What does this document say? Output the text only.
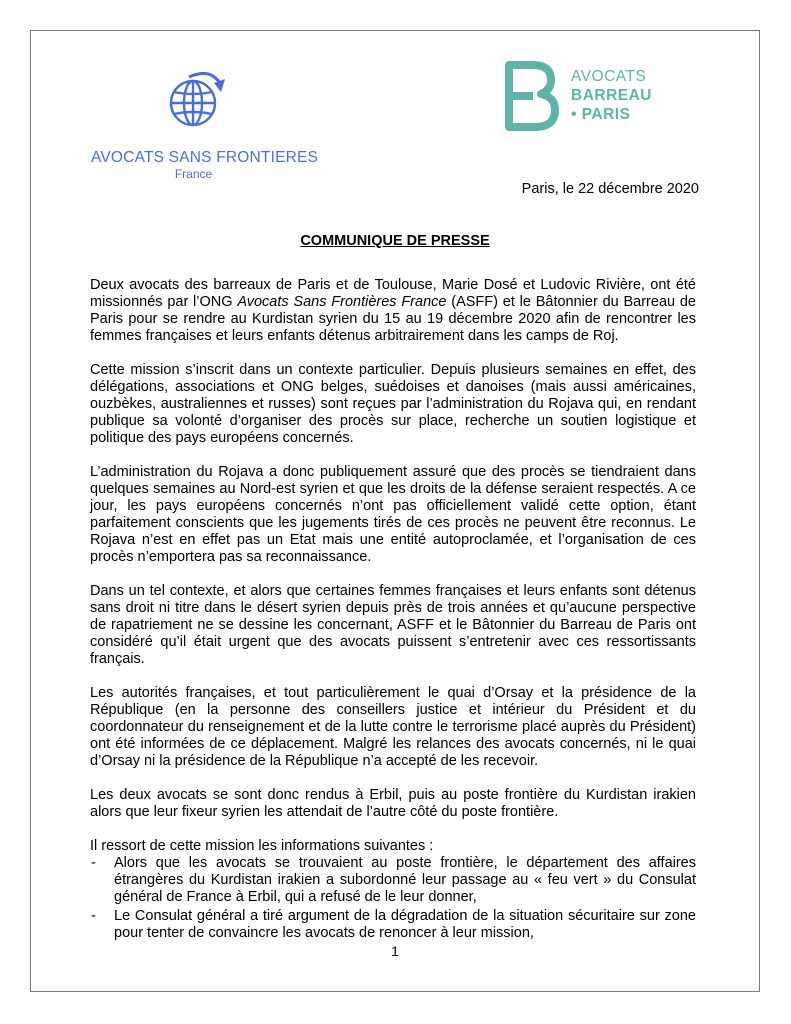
AVOCATS SANS FRONTIERES
France
AVOCATS
BARREAU
• PARIS
Paris, le 22 décembre 2020
COMMUNIQUE DE PRESSE

Deux avocats des barreaux de Paris et de Toulouse, Marie Dosé et Ludovic Rivière, ont été missionnés par l’ONG Avocats Sans Frontières France (ASFF) et le Bâtonnier du Barreau de Paris pour se rendre au Kurdistan syrien du 15 au 19 décembre 2020 afin de rencontrer les femmes françaises et leurs enfants détenus arbitrairement dans les camps de Roj.

Cette mission s’inscrit dans un contexte particulier. Depuis plusieurs semaines en effet, des délégations, associations et ONG belges, suédoises et danoises (mais aussi américaines, ouzbèkes, australiennes et russes) sont reçues par l’administration du Rojava qui, en rendant publique sa volonté d’organiser des procès sur place, recherche un soutien logistique et politique des pays européens concernés.

L’administration du Rojava a donc publiquement assuré que des procès se tiendraient dans quelques semaines au Nord-est syrien et que les droits de la défense seraient respectés. A ce jour, les pays européens concernés n’ont pas officiellement validé cette option, étant parfaitement conscients que les jugements tirés de ces procès ne peuvent être reconnus. Le Rojava n’est en effet pas un Etat mais une entité autoproclamée, et l’organisation de ces procès n’emportera pas sa reconnaissance.

Dans un tel contexte, et alors que certaines femmes françaises et leurs enfants sont détenus sans droit ni titre dans le désert syrien depuis près de trois années et qu’aucune perspective de rapatriement ne se dessine les concernant, ASFF et le Bâtonnier du Barreau de Paris ont considéré qu’il était urgent que des avocats puissent s’entretenir avec ces ressortissants français.

Les autorités françaises, et tout particulièrement le quai d’Orsay et la présidence de la République (en la personne des conseillers justice et intérieur du Président et du coordonnateur du renseignement et de la lutte contre le terrorisme placé auprès du Président) ont été informées de ce déplacement. Malgré les relances des avocats concernés, ni le quai d’Orsay ni la présidence de la République n’a accepté de les recevoir.

Les deux avocats se sont donc rendus à Erbil, puis au poste frontière du Kurdistan irakien alors que leur fixeur syrien les attendait de l’autre côté du poste frontière.

Il ressort de cette mission les informations suivantes :

- Alors que les avocats se trouvaient au poste frontière, le département des affaires étrangères du Kurdistan irakien a subordonné leur passage au « feu vert » du Consulat général de France à Erbil, qui a refusé de le leur donner,
- Le Consulat général a tiré argument de la dégradation de la situation sécuritaire sur zone pour tenter de convaincre les avocats de renoncer à leur mission,
1
